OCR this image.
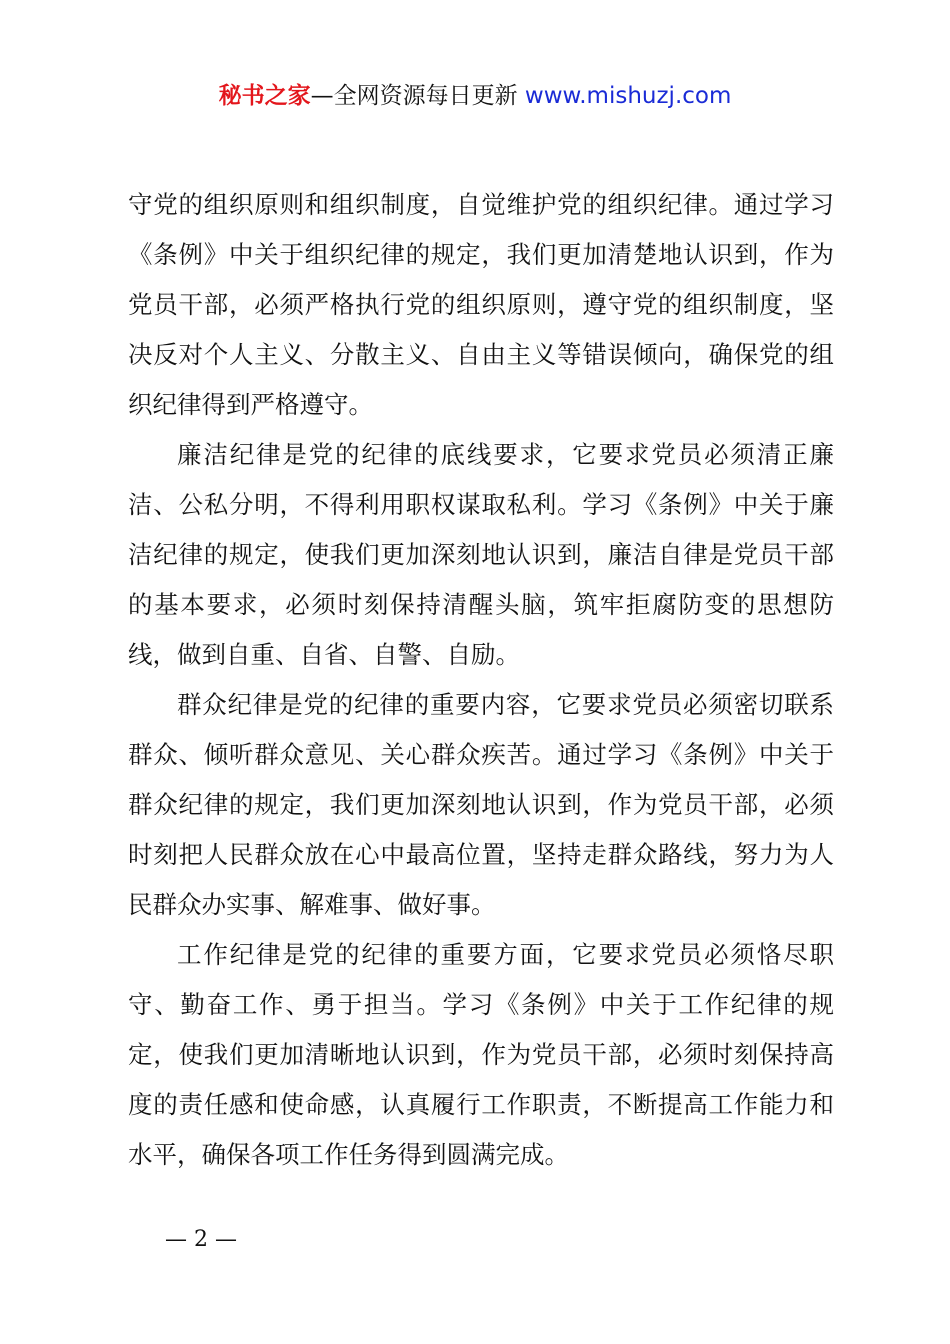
秘书之家—全网资源每日更新 www.mishuzj.com

守党的组织原则和组织制度，自觉维护党的组织纪律。通过学习《条例》中关于组织纪律的规定，我们更加清楚地认识到，作为党员干部，必须严格执行党的组织原则，遵守党的组织制度，坚决反对个人主义、分散主义、自由主义等错误倾向，确保党的组织纪律得到严格遵守。

廉洁纪律是党的纪律的底线要求，它要求党员必须清正廉洁、公私分明，不得利用职权谋取私利。学习《条例》中关于廉洁纪律的规定，使我们更加深刻地认识到，廉洁自律是党员干部的基本要求，必须时刻保持清醒头脑，筑牢拒腐防变的思想防线，做到自重、自省、自警、自励。

群众纪律是党的纪律的重要内容，它要求党员必须密切联系群众、倾听群众意见、关心群众疾苦。通过学习《条例》中关于群众纪律的规定，我们更加深刻地认识到，作为党员干部，必须时刻把人民群众放在心中最高位置，坚持走群众路线，努力为人民群众办实事、解难事、做好事。

工作纪律是党的纪律的重要方面，它要求党员必须恪尽职守、勤奋工作、勇于担当。学习《条例》中关于工作纪律的规定，使我们更加清晰地认识到，作为党员干部，必须时刻保持高度的责任感和使命感，认真履行工作职责，不断提高工作能力和水平，确保各项工作任务得到圆满完成。

— 2 —
